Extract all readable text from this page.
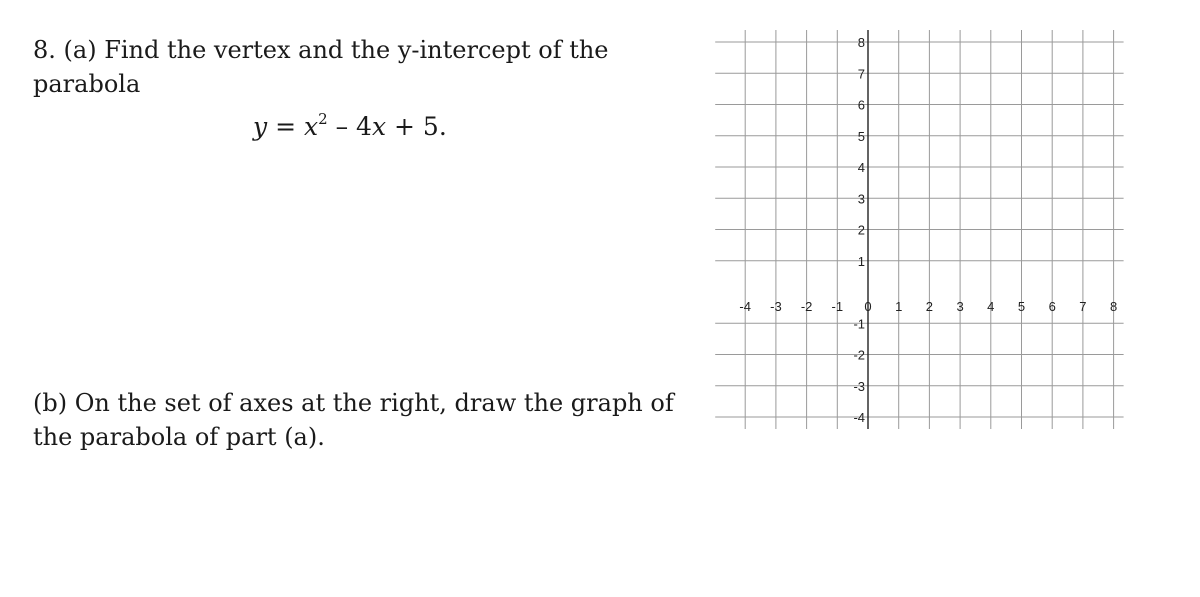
8. (a) Find the vertex and the y-intercept of the parabola

$y = x^2 - 4x + 5$.

(b) On the set of axes at the right, draw the graph of the parabola of part (a).

-4 -3 -2 -1 0 1 2 3 4 5 6 7 8
8
7
6
5
4
3
2
1
-1
-2
-3
-4
